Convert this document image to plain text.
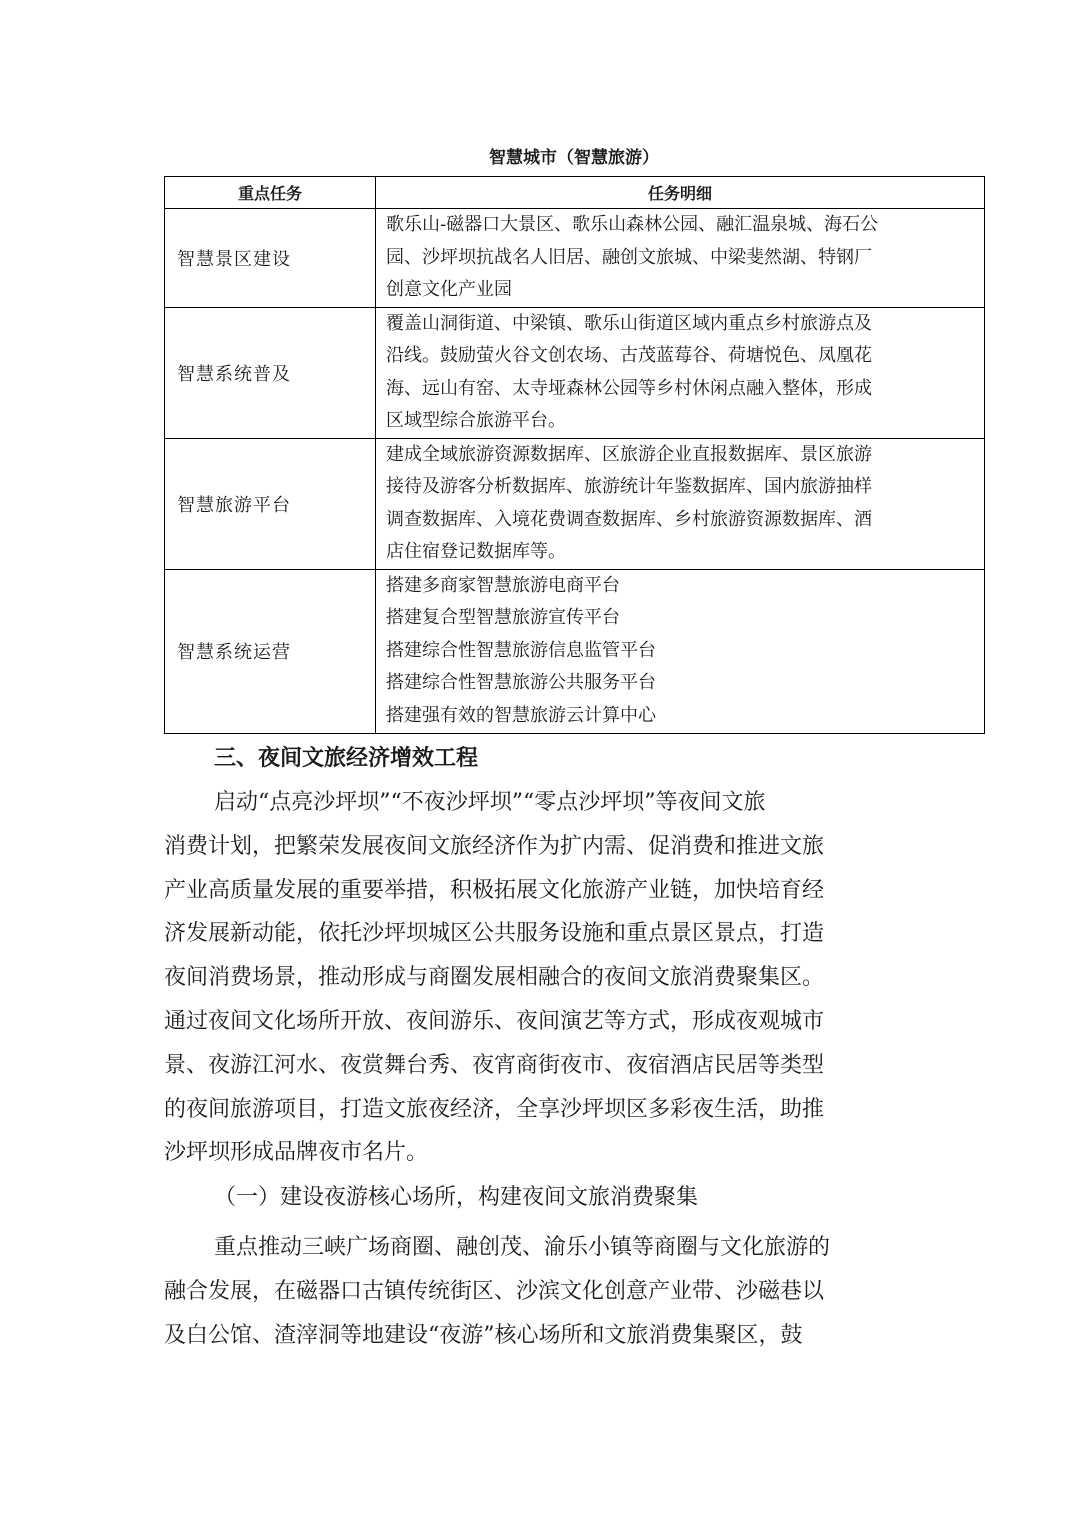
智慧城市（智慧旅游）
重点任务	任务明细
智慧景区建设	歌乐山-磁器口大景区、歌乐山森林公园、融汇温泉城、海石公
园、沙坪坝抗战名人旧居、融创文旅城、中梁斐然湖、特钢厂
创意文化产业园

智慧系统普及	覆盖山洞街道、中梁镇、歌乐山街道区域内重点乡村旅游点及
沿线。鼓励萤火谷文创农场、古茂蓝莓谷、荷塘悦色、凤凰花
海、远山有窑、太寺垭森林公园等乡村休闲点融入整体，形成
区域型综合旅游平台。

智慧旅游平台	建成全域旅游资源数据库、区旅游企业直报数据库、景区旅游
接待及游客分析数据库、旅游统计年鉴数据库、国内旅游抽样
调查数据库、入境花费调查数据库、乡村旅游资源数据库、酒
店住宿登记数据库等。

智慧系统运营	搭建多商家智慧旅游电商平台
搭建复合型智慧旅游宣传平台
搭建综合性智慧旅游信息监管平台
搭建综合性智慧旅游公共服务平台
搭建强有效的智慧旅游云计算中心
三、夜间文旅经济增效工程
启动“点亮沙坪坝”“不夜沙坪坝”“零点沙坪坝”等夜间文旅
消费计划，把繁荣发展夜间文旅经济作为扩内需、促消费和推进文旅
产业高质量发展的重要举措，积极拓展文化旅游产业链，加快培育经
济发展新动能，依托沙坪坝城区公共服务设施和重点景区景点，打造
夜间消费场景，推动形成与商圈发展相融合的夜间文旅消费聚集区。
通过夜间文化场所开放、夜间游乐、夜间演艺等方式，形成夜观城市
景、夜游江河水、夜赏舞台秀、夜宵商街夜市、夜宿酒店民居等类型
的夜间旅游项目，打造文旅夜经济，全享沙坪坝区多彩夜生活，助推
沙坪坝形成品牌夜市名片。
（一）建设夜游核心场所，构建夜间文旅消费聚集
重点推动三峡广场商圈、融创茂、渝乐小镇等商圈与文化旅游的
融合发展，在磁器口古镇传统街区、沙滨文化创意产业带、沙磁巷以
及白公馆、渣滓洞等地建设“夜游”核心场所和文旅消费集聚区，鼓
